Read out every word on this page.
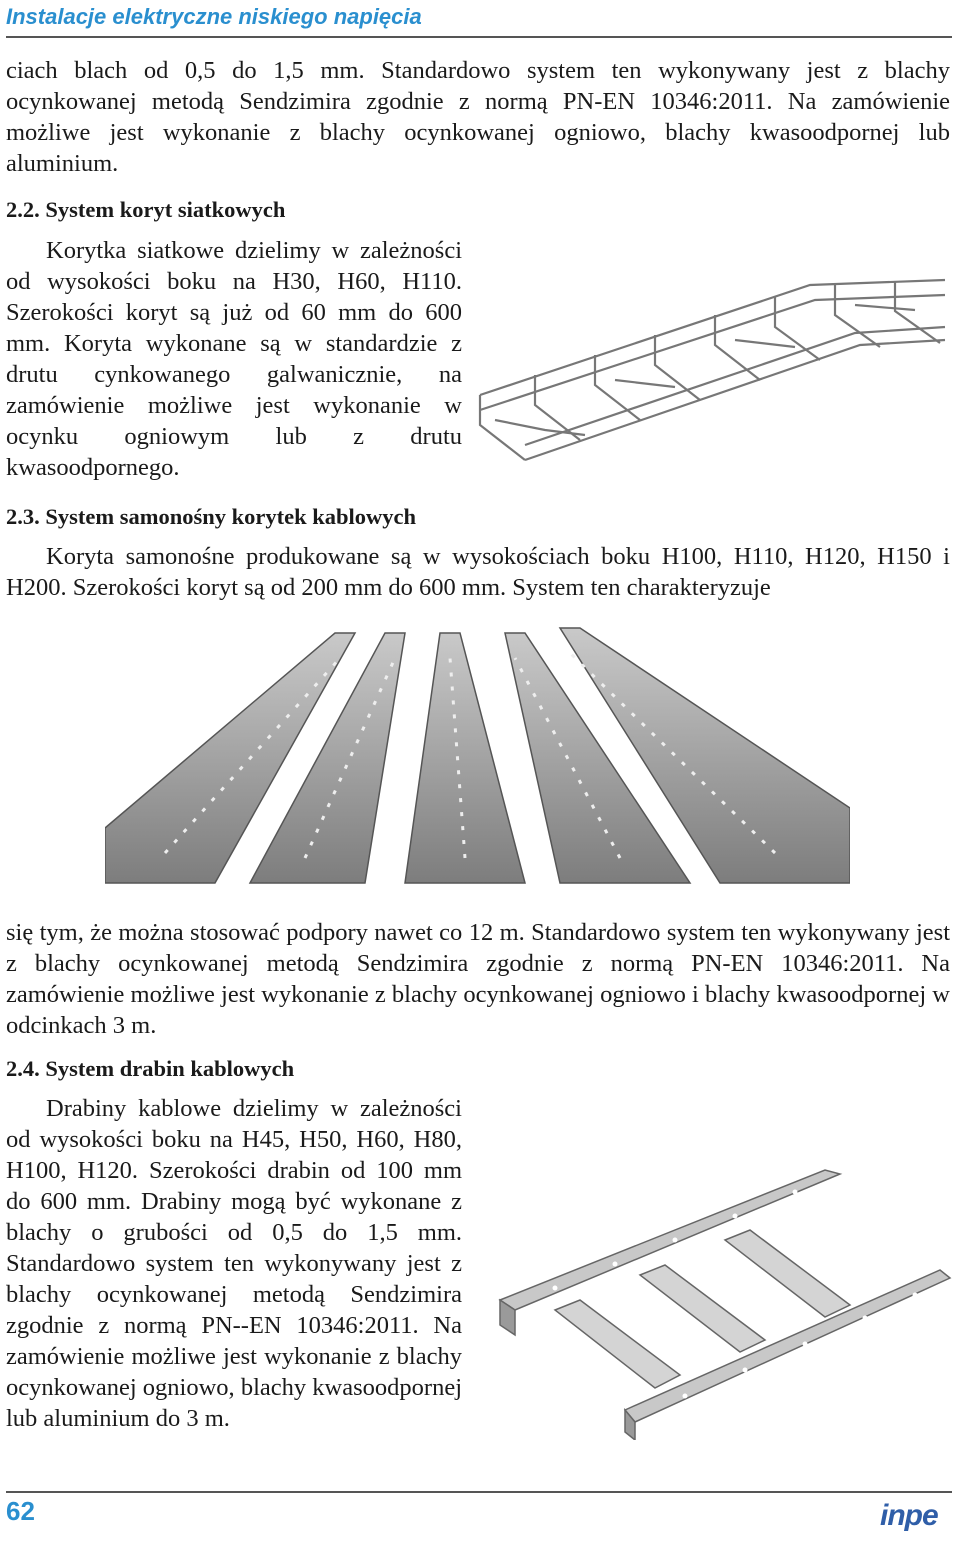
Instalacje elektryczne niskiego napięcia

ciach blach od 0,5 do 1,5 mm. Standardowo system ten wykonywany jest z blachy ocynkowanej metodą Sendzimira zgodnie z normą PN-EN 10346:2011. Na zamówienie możliwe jest wykonanie z blachy ocynkowanej ogniowo, blachy kwasoodpornej lub aluminium.

2.2. System koryt siatkowych

Korytka siatkowe dzielimy w zależności od wysokości boku na H30, H60, H110. Szerokości koryt są już od 60 mm do 600 mm. Koryta wykonane są w standardzie z drutu cynkowanego galwanicznie, na zamówienie możliwe jest wykonanie w ocynku ogniowym lub z drutu kwasoodpornego.

2.3. System samonośny korytek kablowych

Koryta samonośne produkowane są w wysokościach boku H100, H110, H120, H150 i H200. Szerokości koryt są od 200 mm do 600 mm. System ten charakteryzuje

się tym, że można stosować podpory nawet co 12 m. Standardowo system ten wykonywany jest z blachy ocynkowanej metodą Sendzimira zgodnie z normą PN-EN 10346:2011. Na zamówienie możliwe jest wykonanie z blachy ocynkowanej ogniowo i blachy kwasoodpornej w odcinkach 3 m.

2.4. System drabin kablowych

Drabiny kablowe dzielimy w zależności od wysokości boku na H45, H50, H60, H80, H100, H120. Szerokości drabin od 100 mm do 600 mm. Drabiny mogą być wykonane z blachy o grubości od 0,5 do 1,5 mm. Standardowo system ten wykonywany jest z blachy ocynkowanej metodą Sendzimira zgodnie z normą PN--EN 10346:2011. Na zamówienie możliwe jest wykonanie z blachy ocynkowanej ogniowo, blachy kwasoodpornej lub aluminium do 3 m.

62	inpe
